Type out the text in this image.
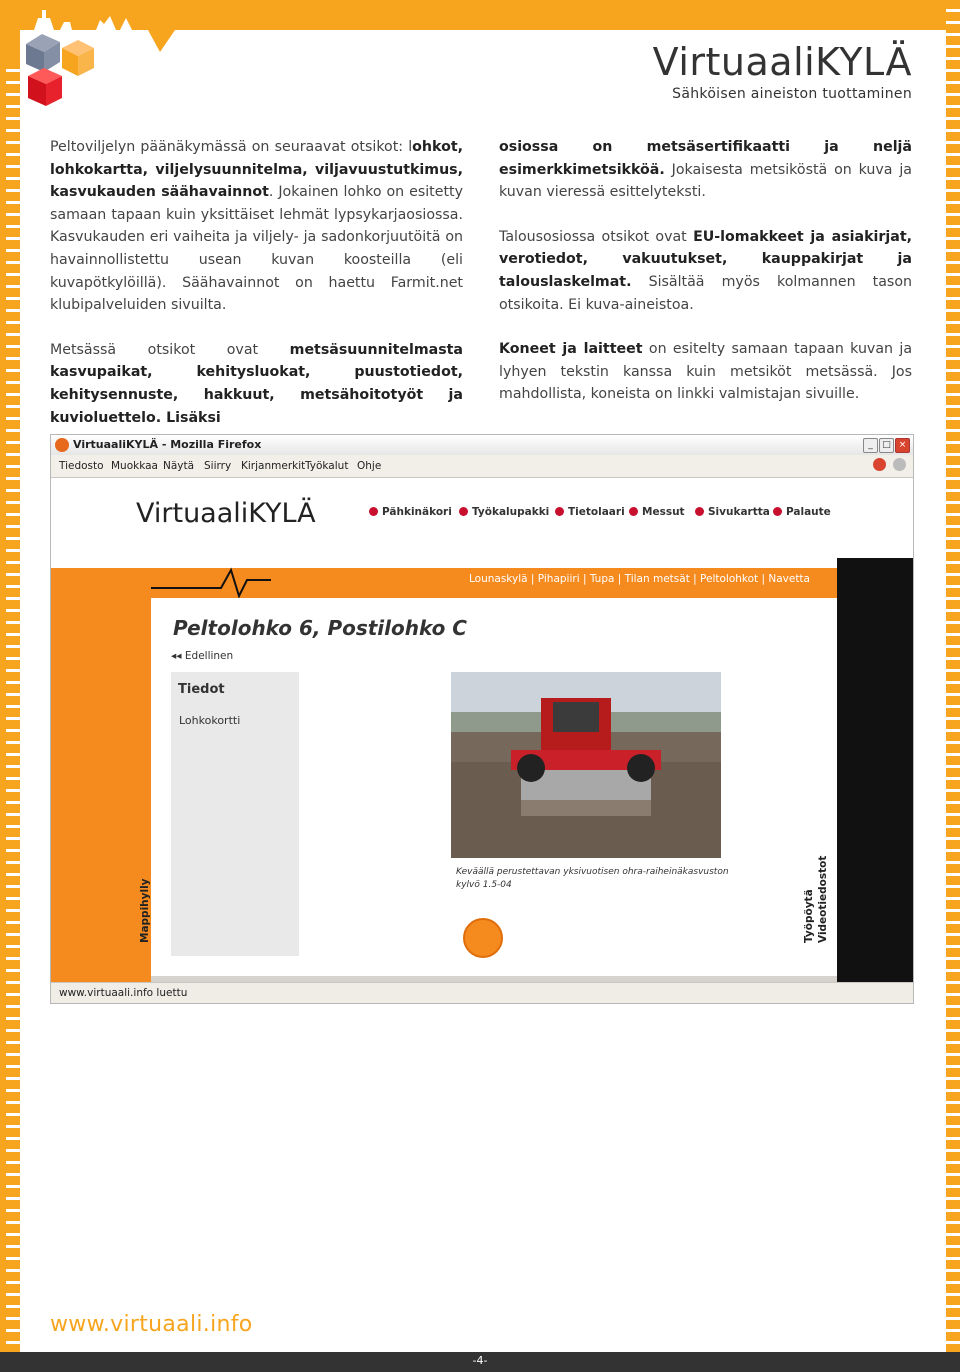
VirtuaaliKYLÄ
Sähköisen aineiston tuottaminen

Peltoviljelyn päänäkymässä on seuraavat otsikot: lohkot, lohkokartta, viljelysuunnitelma, viljavuustutkimus, kasvukauden säähavainnot. Jokainen lohko on esitetty samaan tapaan kuin yksittäiset lehmät lypsykarjaosiossa. Kasvukauden eri vaiheita ja viljely- ja sadonkorjuutöitä on havainnollistettu usean kuvan koosteilla (eli kuvapötkylöillä). Säähavainnot on haettu Farmit.net klubipalveluiden sivuilta.

Metsässä otsikot ovat metsäsuunnitelmasta kasvupaikat, kehitysluokat, puustotiedot, kehitysennuste, hakkuut, metsähoitotyöt ja kuvioluettelo. Lisäksi

osiossa on metsäsertifikaatti ja neljä esimerkkimetsikköä. Jokaisesta metsiköstä on kuva ja kuvan vieressä esittelyteksti.

Talousosiossa otsikot ovat EU-lomakkeet ja asiakirjat, verotiedot, vakuutukset, kauppakirjat ja talouslaskelmat. Sisältää myös kolmannen tason otsikoita. Ei kuva-aineistoa.

Koneet ja laitteet on esitelty samaan tapaan kuvan ja lyhyen tekstin kanssa kuin metsiköt metsässä. Jos mahdollista, koneista on linkki valmistajan sivuille.

VirtuaaliKYLÄ - Mozilla Firefox	_	□ ×
Tiedosto Muokkaa Näytä Siirry Kirjanmerkit Työkalut Ohje
VirtuaaliKYLÄ	Pähkinäkori	Työkalupakki	Tietolaari	Messut	Sivukartta	Palaute
Lounaskylä | Pihapiiri | Tupa | Tilan metsät | Peltolohkot | Navetta
Peltolohko 6, Postilohko C
◂◂ Edellinen
Tiedot
Lohkokortti
Keväällä perustettavan yksivuotisen ohra-raiheinäkasvuston kylvö 1.5-04
Mappihylly	Työpöytä Videotiedostot
www.virtuaali.info luettu
www.virtuaali.info
-4-
